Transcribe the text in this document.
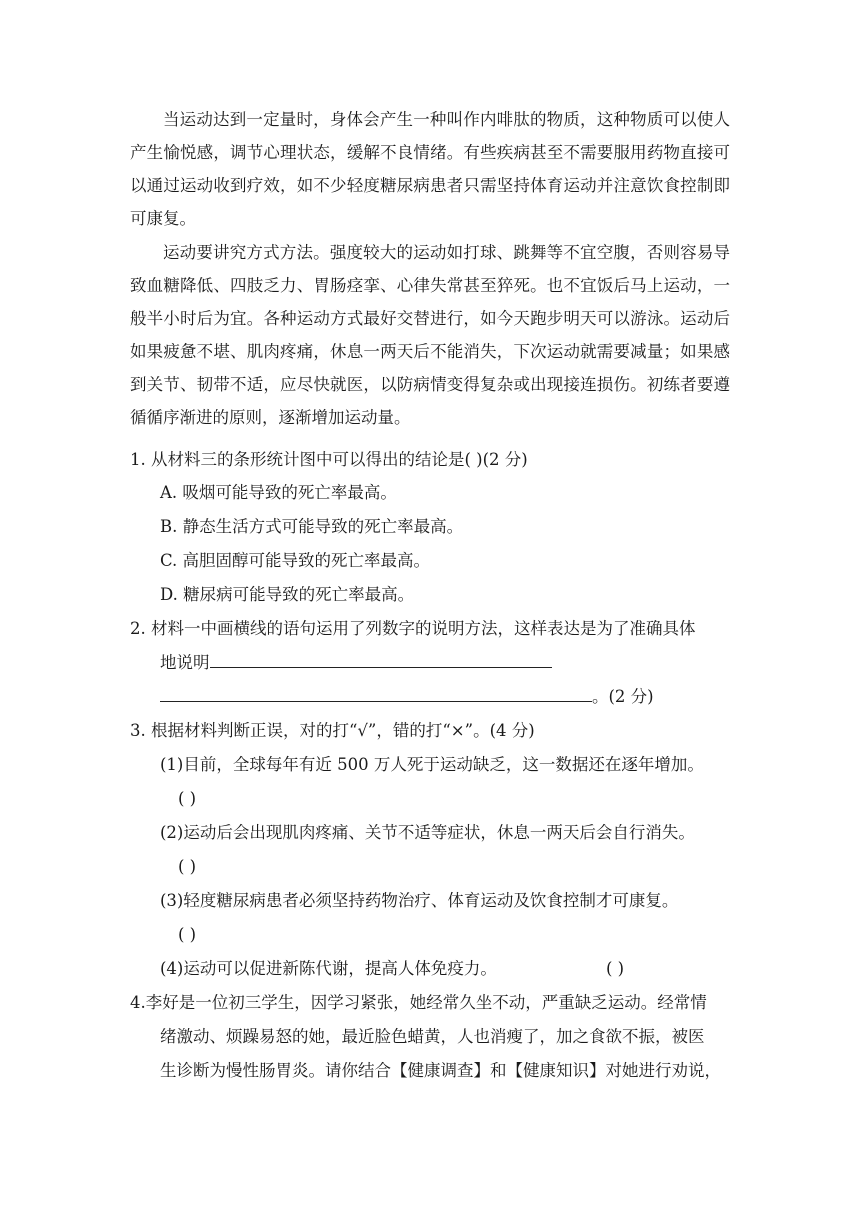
当运动达到一定量时，身体会产生一种叫作内啡肽的物质，这种物质可以使人产生愉悦感，调节心理状态，缓解不良情绪。有些疾病甚至不需要服用药物直接可以通过运动收到疗效，如不少轻度糖尿病患者只需坚持体育运动并注意饮食控制即可康复。

运动要讲究方式方法。强度较大的运动如打球、跳舞等不宜空腹，否则容易导致血糖降低、四肢乏力、胃肠痉挛、心律失常甚至猝死。也不宜饭后马上运动，一般半小时后为宜。各种运动方式最好交替进行，如今天跑步明天可以游泳。运动后如果疲惫不堪、肌肉疼痛，休息一两天后不能消失，下次运动就需要减量；如果感到关节、韧带不适，应尽快就医，以防病情变得复杂或出现接连损伤。初练者要遵循循序渐进的原则，逐渐增加运动量。

1. 从材料三的条形统计图中可以得出的结论是( )(2 分)

A. 吸烟可能导致的死亡率最高。

B. 静态生活方式可能导致的死亡率最高。

C. 高胆固醇可能导致的死亡率最高。

D. 糖尿病可能导致的死亡率最高。

2. 材料一中画横线的语句运用了列数字的说明方法，这样表达是为了准确具体

地说明

。(2 分)

3. 根据材料判断正误，对的打“√”，错的打“×”。(4 分)

(1)目前，全球每年有近 500 万人死于运动缺乏，这一数据还在逐年增加。

( )

(2)运动后会出现肌肉疼痛、关节不适等症状，休息一两天后会自行消失。

( )

(3)轻度糖尿病患者必须坚持药物治疗、体育运动及饮食控制才可康复。

( )

(4)运动可以促进新陈代谢，提高人体免疫力。	( )

4.李好是一位初三学生，因学习紧张，她经常久坐不动，严重缺乏运动。经常情

绪激动、烦躁易怒的她，最近脸色蜡黄，人也消瘦了，加之食欲不振，被医

生诊断为慢性肠胃炎。请你结合【健康调查】和【健康知识】对她进行劝说，
